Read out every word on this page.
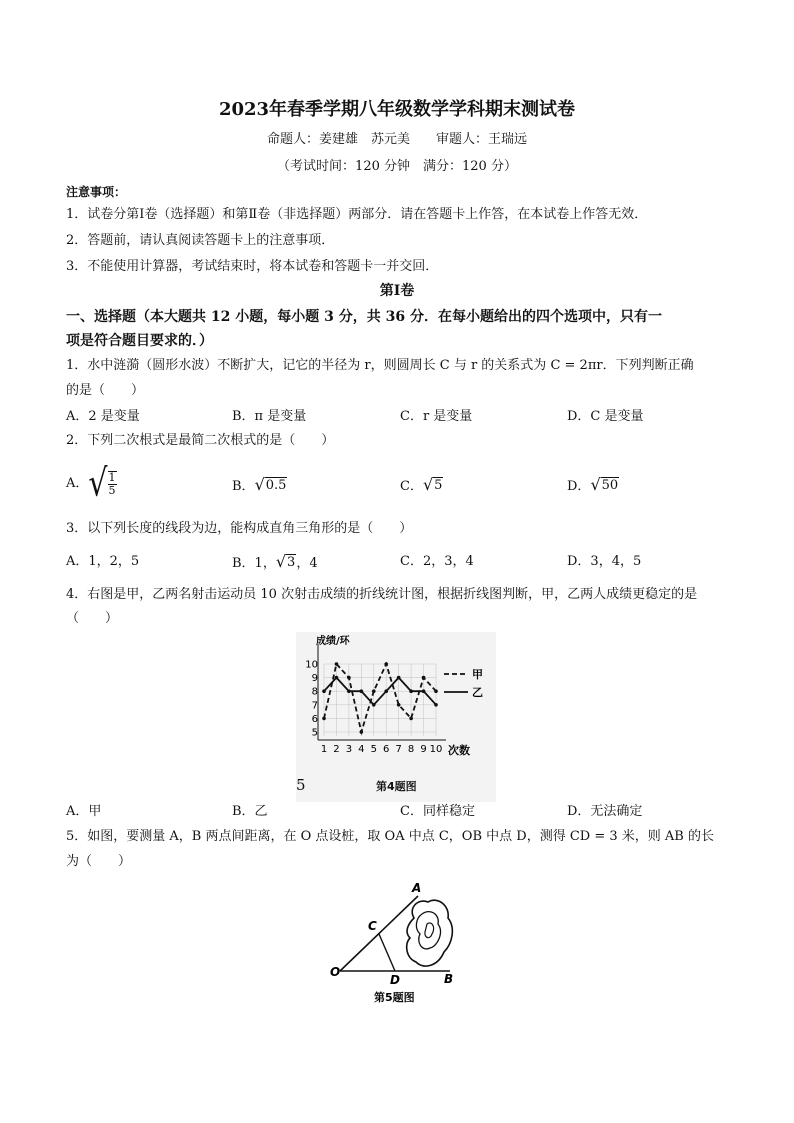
2023年春季学期八年级数学学科期末测试卷
命题人：姜建雄　苏元美　　审题人：王瑞远
（考试时间：120 分钟　满分：120 分）
注意事项：
1．试卷分第Ⅰ卷（选择题）和第Ⅱ卷（非选择题）两部分．请在答题卡上作答，在本试卷上作答无效．
2．答题前，请认真阅读答题卡上的注意事项．
3．不能使用计算器，考试结束时，将本试卷和答题卡一并交回．
第Ⅰ卷
一、选择题（本大题共 12 小题，每小题 3 分，共 36 分．在每小题给出的四个选项中，只有一
项是符合题目要求的．）
1．水中涟漪（圆形水波）不断扩大，记它的半径为 r，则圆周长 C 与 r 的关系式为 C = 2πr．下列判断正确
的是（　　）
A．2 是变量	B．π 是变量	C．r 是变量	D．C 是变量
2．下列二次根式是最简二次根式的是（　　）
A． √ $\frac{1}{5}$	B． √ 0.5	C． √ 5	D． √ 50
3．以下列长度的线段为边，能构成直角三角形的是（　　）
A．1，2，5	B．1， √ 3 ，4	C．2，3，4	D．3，4，5
4．右图是甲，乙两名射击运动员 10 次射击成绩的折线统计图，根据折线图判断，甲，乙两人成绩更稳定的是
（　　）
5
6
7
8
9
10
1 2 3 4 5 6 7 8 9 10
成绩/环
次数
甲
乙
5	第4题图
A．甲	B．乙	C．同样稳定	D．无法确定
5．如图，要测量 A，B 两点间距离，在 O 点设桩，取 OA 中点 C，OB 中点 D，测得 CD = 3 米，则 AB 的长
为（　　）
A
B
C
D
O
第5题图
